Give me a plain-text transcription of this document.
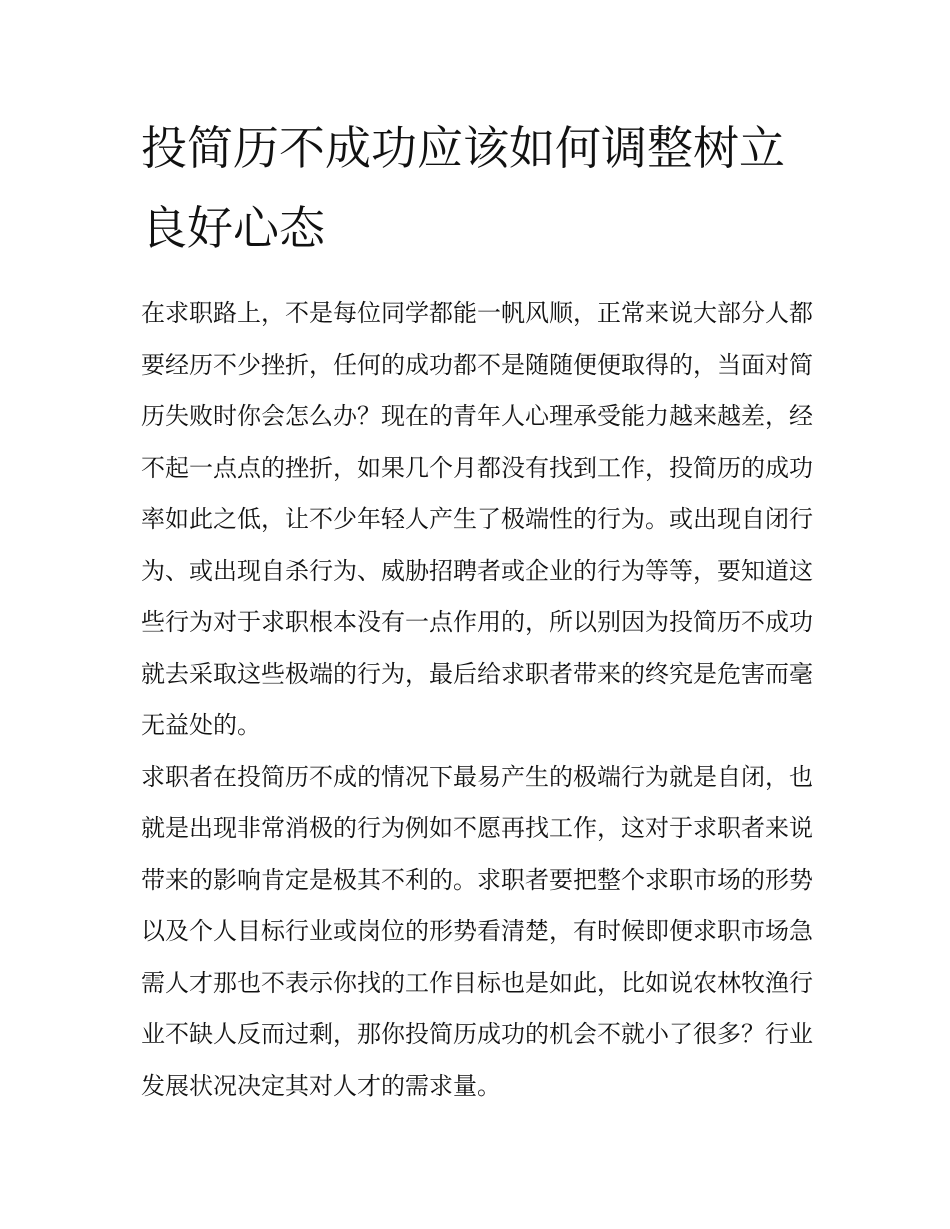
投简历不成功应该如何调整树立良好心态

在求职路上，不是每位同学都能一帆风顺，正常来说大部分人都要经历不少挫折，任何的成功都不是随随便便取得的，当面对简历失败时你会怎么办？现在的青年人心理承受能力越来越差，经不起一点点的挫折，如果几个月都没有找到工作，投简历的成功率如此之低，让不少年轻人产生了极端性的行为。或出现自闭行为、或出现自杀行为、威胁招聘者或企业的行为等等，要知道这些行为对于求职根本没有一点作用的，所以别因为投简历不成功就去采取这些极端的行为，最后给求职者带来的终究是危害而毫无益处的。

求职者在投简历不成的情况下最易产生的极端行为就是自闭，也就是出现非常消极的行为例如不愿再找工作，这对于求职者来说带来的影响肯定是极其不利的。求职者要把整个求职市场的形势以及个人目标行业或岗位的形势看清楚，有时候即便求职市场急需人才那也不表示你找的工作目标也是如此，比如说农林牧渔行业不缺人反而过剩，那你投简历成功的机会不就小了很多？行业发展状况决定其对人才的需求量。
